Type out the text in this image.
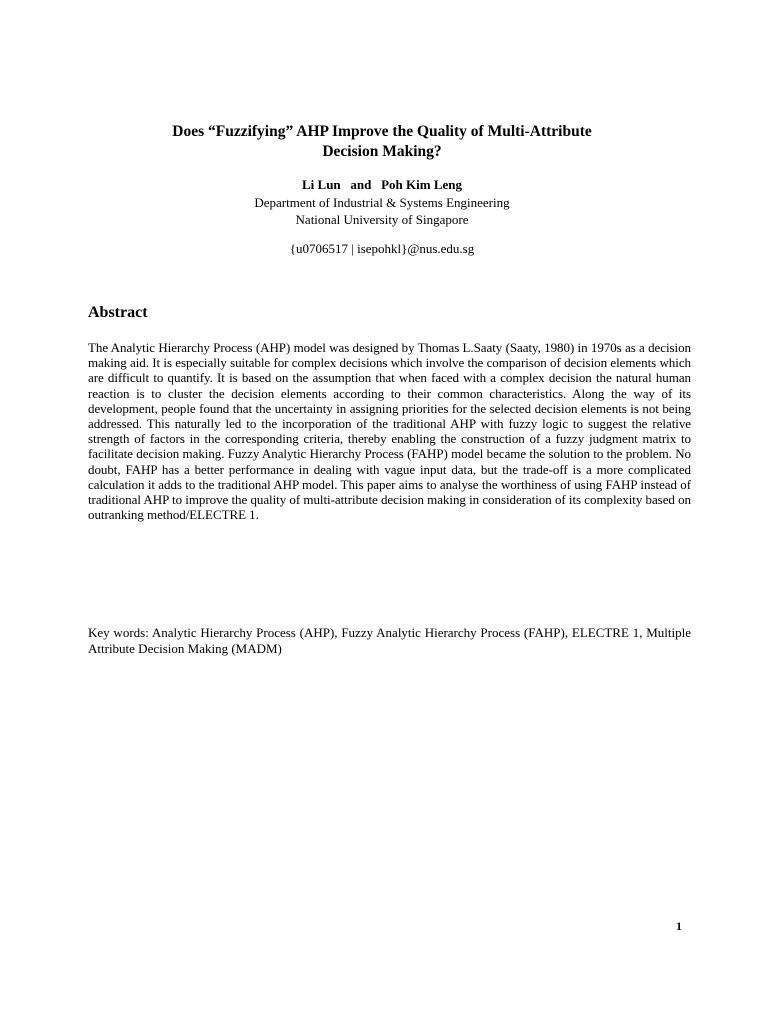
Does “Fuzzifying” AHP Improve the Quality of Multi-Attribute
Decision Making?
Li Lun   and   Poh Kim Leng
Department of Industrial & Systems Engineering
National University of Singapore
{u0706517 | isepohkl}@nus.edu.sg
Abstract
The Analytic Hierarchy Process (AHP) model was designed by Thomas L.Saaty (Saaty, 1980) in 1970s as a decision making aid. It is especially suitable for complex decisions which involve the comparison of decision elements which are difficult to quantify. It is based on the assumption that when faced with a complex decision the natural human reaction is to cluster the decision elements according to their common characteristics. Along the way of its development, people found that the uncertainty in assigning priorities for the selected decision elements is not being addressed. This naturally led to the incorporation of the traditional AHP with fuzzy logic to suggest the relative strength of factors in the corresponding criteria, thereby enabling the construction of a fuzzy judgment matrix to facilitate decision making. Fuzzy Analytic Hierarchy Process (FAHP) model became the solution to the problem. No doubt, FAHP has a better performance in dealing with vague input data, but the trade-off is a more complicated calculation it adds to the traditional AHP model. This paper aims to analyse the worthiness of using FAHP instead of traditional AHP to improve the quality of multi-attribute decision making in consideration of its complexity based on outranking method/ELECTRE 1.
Key words: Analytic Hierarchy Process (AHP), Fuzzy Analytic Hierarchy Process (FAHP), ELECTRE 1, Multiple Attribute Decision Making (MADM)
1
